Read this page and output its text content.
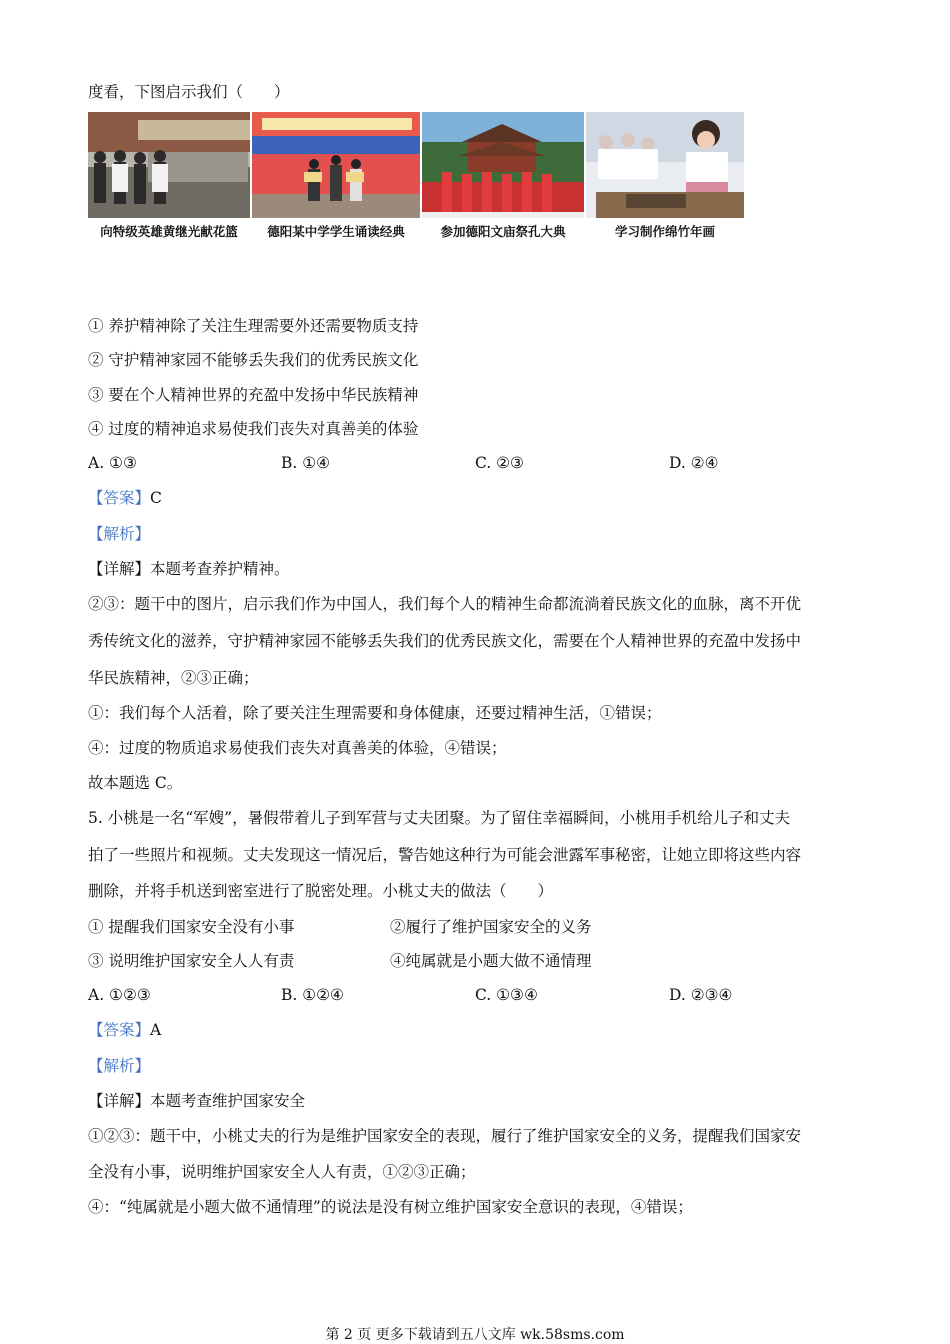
度看，下图启示我们（　　）
向特级英雄黄继光献花篮	德阳某中学学生诵读经典	参加德阳文庙祭孔大典	学习制作绵竹年画
① 养护精神除了关注生理需要外还需要物质支持
② 守护精神家园不能够丢失我们的优秀民族文化
③ 要在个人精神世界的充盈中发扬中华民族精神
④ 过度的精神追求易使我们丧失对真善美的体验
A. ①③	B. ①④	C. ②③	D. ②④
【答案】C
【解析】
【详解】本题考查养护精神。
②③：题干中的图片，启示我们作为中国人，我们每个人的精神生命都流淌着民族文化的血脉，离不开优
秀传统文化的滋养，守护精神家园不能够丢失我们的优秀民族文化，需要在个人精神世界的充盈中发扬中
华民族精神，②③正确；
①：我们每个人活着，除了要关注生理需要和身体健康，还要过精神生活，①错误；
④：过度的物质追求易使我们丧失对真善美的体验，④错误；
故本题选 C。
5. 小桃是一名“军嫂”，暑假带着儿子到军营与丈夫团聚。为了留住幸福瞬间，小桃用手机给儿子和丈夫
拍了一些照片和视频。丈夫发现这一情况后，警告她这种行为可能会泄露军事秘密，让她立即将这些内容
删除，并将手机送到密室进行了脱密处理。小桃丈夫的做法（　　）
① 提醒我们国家安全没有小事	②履行了维护国家安全的义务
③ 说明维护国家安全人人有责	④纯属就是小题大做不通情理
A. ①②③	B. ①②④	C. ①③④	D. ②③④
【答案】A
【解析】
【详解】本题考查维护国家安全
①②③：题干中，小桃丈夫的行为是维护国家安全的表现，履行了维护国家安全的义务，提醒我们国家安
全没有小事，说明维护国家安全人人有责，①②③正确；
④：“纯属就是小题大做不通情理”的说法是没有树立维护国家安全意识的表现，④错误；
第 2 页 更多下载请到五八文库 wk.58sms.com
